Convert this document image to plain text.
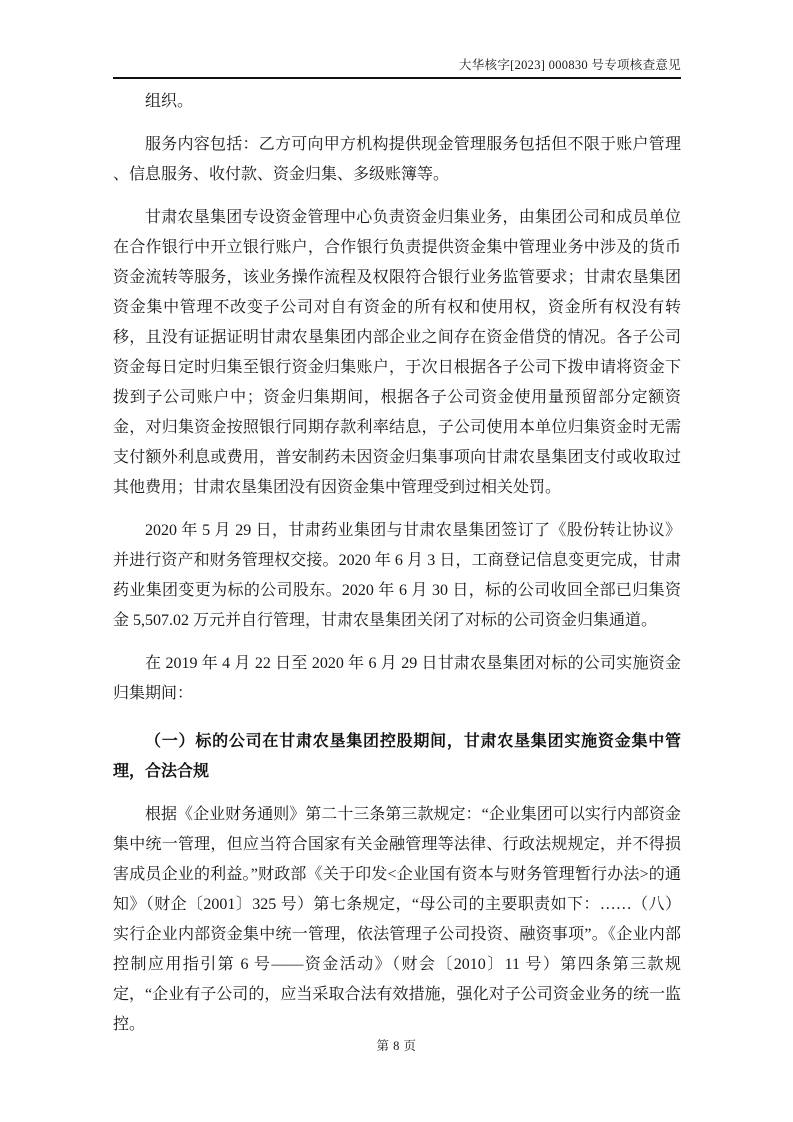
大华核字[2023] 000830 号专项核查意见

组织。

服务内容包括：乙方可向甲方机构提供现金管理服务包括但不限于账户管理 、信息服务、收付款、资金归集、多级账簿等。

甘肃农垦集团专设资金管理中心负责资金归集业务，由集团公司和成员单位在合作银行中开立银行账户，合作银行负责提供资金集中管理业务中涉及的货币资金流转等服务，该业务操作流程及权限符合银行业务监管要求；甘肃农垦集团资金集中管理不改变子公司对自有资金的所有权和使用权，资金所有权没有转移，且没有证据证明甘肃农垦集团内部企业之间存在资金借贷的情况。各子公司资金每日定时归集至银行资金归集账户，于次日根据各子公司下拨申请将资金下拨到子公司账户中；资金归集期间，根据各子公司资金使用量预留部分定额资金，对归集资金按照银行同期存款利率结息，子公司使用本单位归集资金时无需支付额外利息或费用，普安制药未因资金归集事项向甘肃农垦集团支付或收取过其他费用；甘肃农垦集团没有因资金集中管理受到过相关处罚。

2020 年 5 月 29 日，甘肃药业集团与甘肃农垦集团签订了《股份转让协议》并进行资产和财务管理权交接。2020 年 6 月 3 日，工商登记信息变更完成，甘肃药业集团变更为标的公司股东。2020 年 6 月 30 日，标的公司收回全部已归集资金 5,507.02 万元并自行管理，甘肃农垦集团关闭了对标的公司资金归集通道。

在 2019 年 4 月 22 日至 2020 年 6 月 29 日甘肃农垦集团对标的公司实施资金归集期间：

（一）标的公司在甘肃农垦集团控股期间，甘肃农垦集团实施资金集中管理，合法合规

根据《企业财务通则》第二十三条第三款规定：“企业集团可以实行内部资金集中统一管理，但应当符合国家有关金融管理等法律、行政法规规定，并不得损害成员企业的利益。”财政部《关于印发<企业国有资本与财务管理暂行办法>的通知》（财企〔2001〕325 号）第七条规定，“母公司的主要职责如下：……（八）实行企业内部资金集中统一管理，依法管理子公司投资、融资事项”。《企业内部控制应用指引第 6 号——资金活动》（财会〔2010〕11 号）第四条第三款规定，“企业有子公司的，应当采取合法有效措施，强化对子公司资金业务的统一监控。

第 8 页
